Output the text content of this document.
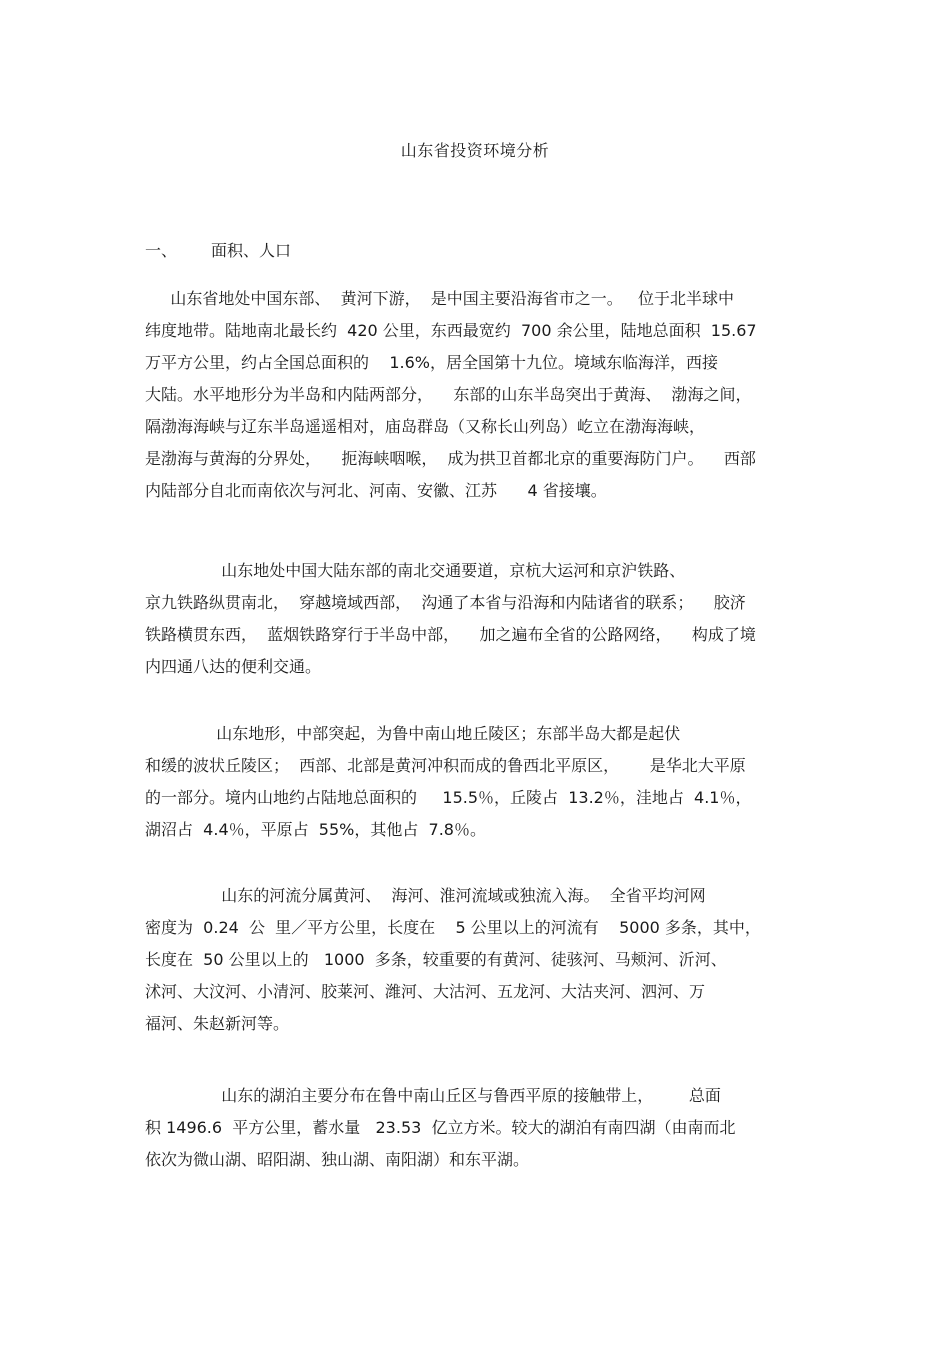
山东省投资环境分析
一、 面积、人口
山东省地处中国东部、  黄河下游，  是中国主要沿海省市之一。   位于北半球中
纬度地带。陆地南北最长约  420 公里，东西最宽约  700 余公里，陆地总面积  15.67
万平方公里，约占全国总面积的    1.6%，居全国第十九位。境域东临海洋，西接
大陆。水平地形分为半岛和内陆两部分，    东部的山东半岛突出于黄海、  渤海之间，
隔渤海海峡与辽东半岛遥遥相对，庙岛群岛（又称长山列岛）屹立在渤海海峡，
是渤海与黄海的分界处，    扼海峡咽喉，  成为拱卫首都北京的重要海防门户。    西部
内陆部分自北而南依次与河北、河南、安徽、江苏      4 省接壤。
山东地处中国大陆东部的南北交通要道，京杭大运河和京沪铁路、
京九铁路纵贯南北，  穿越境域西部，  沟通了本省与沿海和内陆诸省的联系；    胶济
铁路横贯东西，  蓝烟铁路穿行于半岛中部，    加之遍布全省的公路网络，    构成了境
内四通八达的便利交通。
山东地形，中部突起，为鲁中南山地丘陵区；东部半岛大都是起伏
和缓的波状丘陵区；  西部、北部是黄河冲积而成的鲁西北平原区，      是华北大平原
的一部分。境内山地约占陆地总面积的     15.5％，丘陵占  13.2％，洼地占  4.1％，
湖沼占  4.4％，平原占  55%，其他占  7.8％。
山东的河流分属黄河、  海河、淮河流域或独流入海。  全省平均河网
密度为  0.24  公  里／平方公里，长度在    5 公里以上的河流有    5000 多条，其中，
长度在  50 公里以上的   1000  多条，较重要的有黄河、徒骇河、马颊河、沂河、
沭河、大汶河、小清河、胶莱河、潍河、大沽河、五龙河、大沽夹河、泗河、万
福河、朱赵新河等。
山东的湖泊主要分布在鲁中南山丘区与鲁西平原的接触带上，       总面
积 1496.6  平方公里，蓄水量   23.53  亿立方米。较大的湖泊有南四湖（由南而北
依次为微山湖、昭阳湖、独山湖、南阳湖）和东平湖。
